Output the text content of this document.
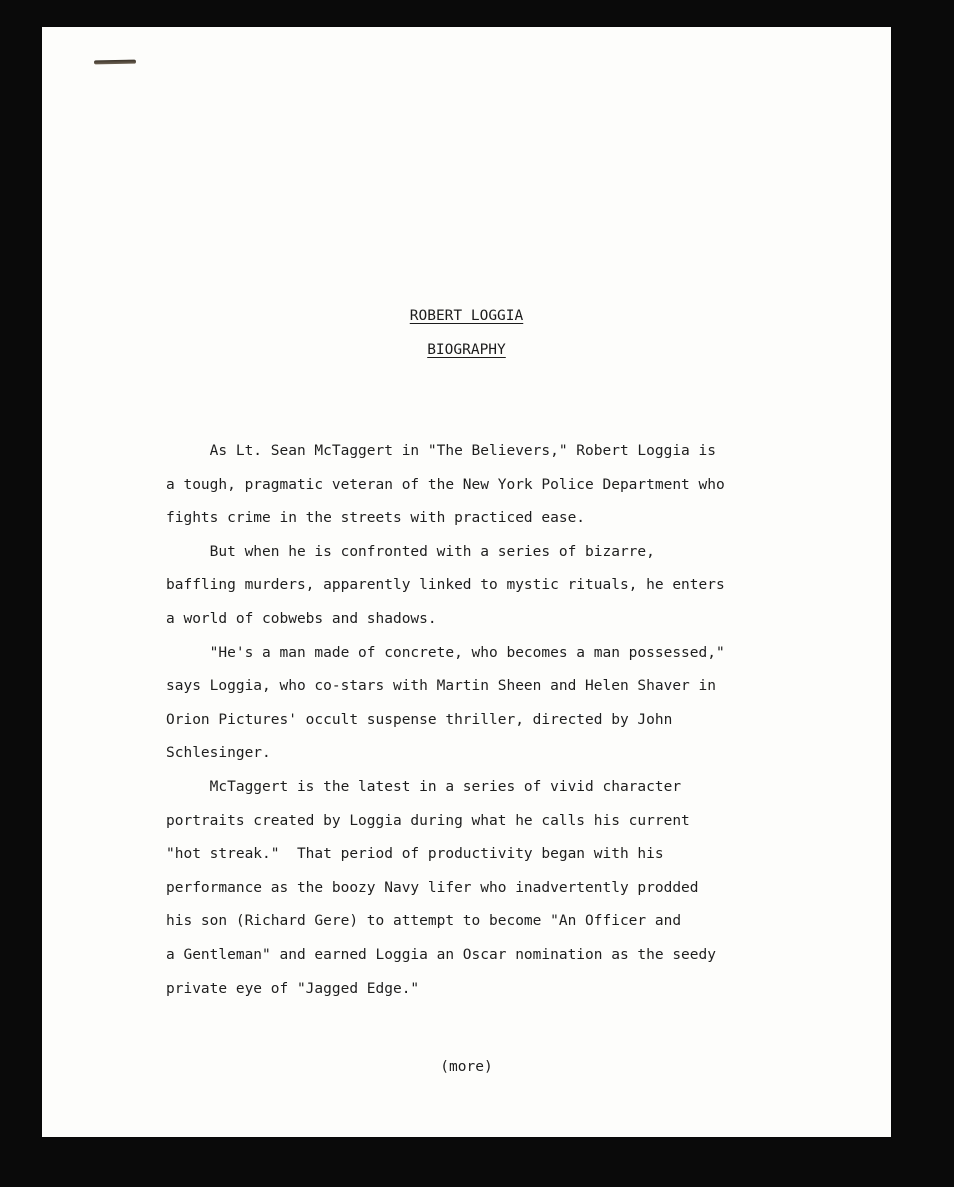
ROBERT LOGGIA
BIOGRAPHY

As Lt. Sean McTaggert in "The Believers," Robert Loggia is
a tough, pragmatic veteran of the New York Police Department who
fights crime in the streets with practiced ease.

But when he is confronted with a series of bizarre,
baffling murders, apparently linked to mystic rituals, he enters
a world of cobwebs and shadows.

"He's a man made of concrete, who becomes a man possessed,"
says Loggia, who co-stars with Martin Sheen and Helen Shaver in
Orion Pictures' occult suspense thriller, directed by John
Schlesinger.

McTaggert is the latest in a series of vivid character
portraits created by Loggia during what he calls his current
"hot streak."  That period of productivity began with his
performance as the boozy Navy lifer who inadvertently prodded
his son (Richard Gere) to attempt to become "An Officer and
a Gentleman" and earned Loggia an Oscar nomination as the seedy
private eye of "Jagged Edge."

(more)
